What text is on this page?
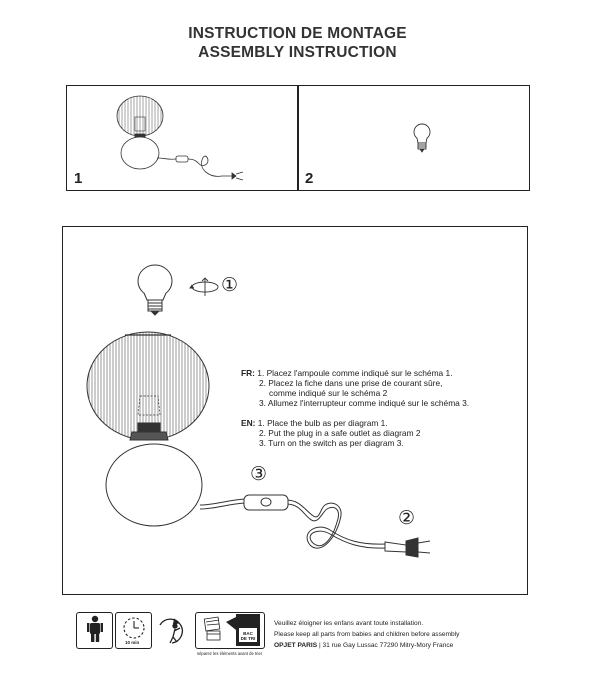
INSTRUCTION DE MONTAGE
ASSEMBLY INSTRUCTION
1	2
①
③
②
FR: 1. Placez l'ampoule comme indiqué sur le schéma 1.
2. Placez la fiche dans une prise de courant sûre,
comme indiqué sur le schéma 2
3. Allumez l'interrupteur comme indiqué sur le schéma 3.
EN: 1. Place the bulb as per diagram 1.
2. Put the plug in a safe outlet as diagram 2
3. Turn on the switch as per diagram 3.
10 min
BAC DE TRI
séparez les éléments avant de trier
Veuillez éloigner les enfans avant toute installation.
Please keep all parts from babies and children before assembly
OPJET PARIS | 31 rue Gay Lussac 77290 Mitry-Mory France
